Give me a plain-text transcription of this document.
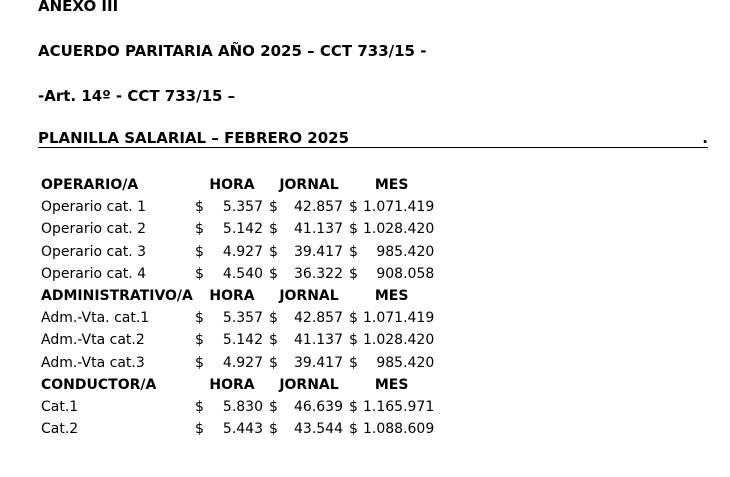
ANEXO III
ACUERDO PARITARIA AÑO 2025 – CCT 733/15 -
-Art. 14º - CCT 733/15 –
PLANILLA SALARIAL – FEBRERO 2025	.
OPERARIO/A	HORA		JORNAL		MES	
Operario cat. 1	$	5.357	$	42.857	$	1.071.419
Operario cat. 2	$	5.142	$	41.137	$	1.028.420
Operario cat. 3	$	4.927	$	39.417	$	985.420
Operario cat. 4	$	4.540	$	36.322	$	908.058
ADMINISTRATIVO/A	HORA		JORNAL		MES	
Adm.-Vta. cat.1	$	5.357	$	42.857	$	1.071.419
Adm.-Vta cat.2	$	5.142	$	41.137	$	1.028.420
Adm.-Vta cat.3	$	4.927	$	39.417	$	985.420
CONDUCTOR/A	HORA		JORNAL		MES	
Cat.1	$	5.830	$	46.639	$	1.165.971
Cat.2	$	5.443	$	43.544	$	1.088.609
